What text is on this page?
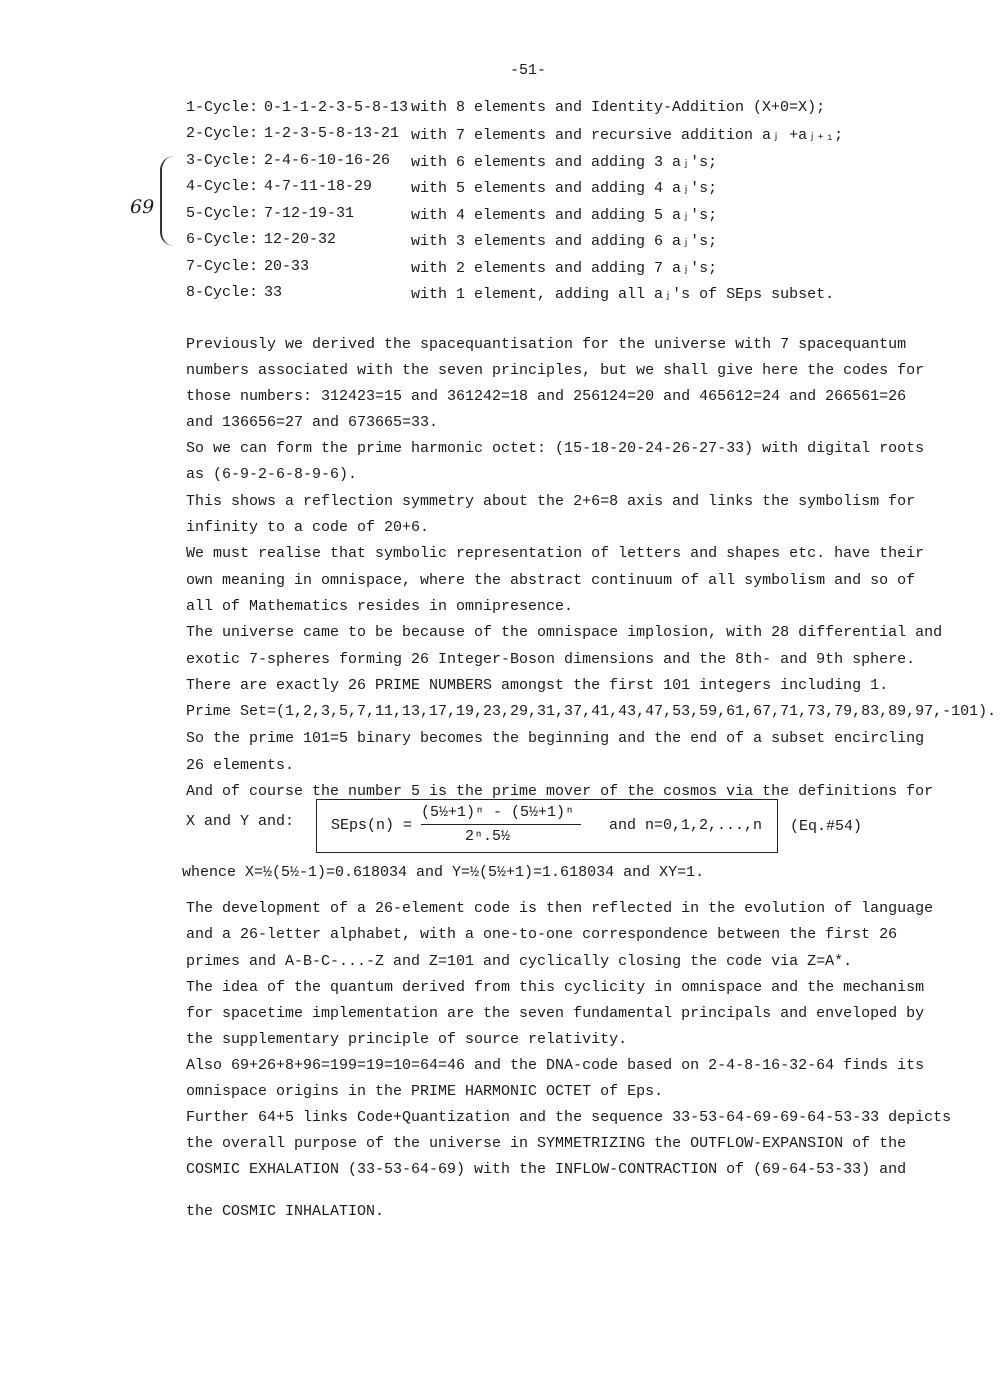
-51-
69
1-Cycle: 0-1-1-2-3-5-8-13 with 8 elements and Identity-Addition (X+0=X);
2-Cycle: 1-2-3-5-8-13-21 with 7 elements and recursive addition aⱼ +aⱼ₊₁;
3-Cycle: 2-4-6-10-16-26 with 6 elements and adding 3 aⱼ's;
4-Cycle: 4-7-11-18-29	with 5 elements and adding 4 aⱼ's;
5-Cycle: 7-12-19-31	with 4 elements and adding 5 aⱼ's;
6-Cycle: 12-20-32	with 3 elements and adding 6 aⱼ's;
7-Cycle: 20-33	with 2 elements and adding 7 aⱼ's;
8-Cycle: 33	with 1 element, adding all aⱼ's of SEps subset.
Previously we derived the spacequantisation for the universe with 7 spacequantum
numbers associated with the seven principles, but we shall give here the codes for
those numbers: 312423=15 and 361242=18 and 256124=20 and 465612=24 and 266561=26
and 136656=27 and 673665=33.
So we can form the prime harmonic octet: (15-18-20-24-26-27-33) with digital roots
as (6-9-2-6-8-9-6).
This shows a reflection symmetry about the 2+6=8 axis and links the symbolism for
infinity to a code of 20+6.
We must realise that symbolic representation of letters and shapes etc. have their
own meaning in omnispace, where the abstract continuum of all symbolism and so of
all of Mathematics resides in omnipresence.
The universe came to be because of the omnispace implosion, with 28 differential and
exotic 7-spheres forming 26 Integer-Boson dimensions and the 8th- and 9th sphere.
There are exactly 26 PRIME NUMBERS amongst the first 101 integers including 1.
Prime Set=(1,2,3,5,7,11,13,17,19,23,29,31,37,41,43,47,53,59,61,67,71,73,79,83,89,97,-101).
So the prime 101=5 binary becomes the beginning and the end of a subset encircling
26 elements.
And of course the number 5 is the prime mover of the cosmos via the definitions for
X and Y and: SEps(n) =
(5½+1)ⁿ - (5½+1)ⁿ
2ⁿ.5½
and n=0,1,2,...,n (Eq.#54)
whence X=½(5½-1)=0.618034 and Y=½(5½+1)=1.618034 and XY=1.
The development of a 26-element code is then reflected in the evolution of language
and a 26-letter alphabet, with a one-to-one correspondence between the first 26
primes and A-B-C-...-Z and Z=101 and cyclically closing the code via Z=A*.
The idea of the quantum derived from this cyclicity in omnispace and the mechanism
for spacetime implementation are the seven fundamental principals and enveloped by
the supplementary principle of source relativity.
Also 69+26+8+96=199=19=10=64=46 and the DNA-code based on 2-4-8-16-32-64 finds its
omnispace origins in the PRIME HARMONIC OCTET of Eps.
Further 64+5 links Code+Quantization and the sequence 33-53-64-69-69-64-53-33 depicts
the overall purpose of the universe in SYMMETRIZING the OUTFLOW-EXPANSION of the
COSMIC EXHALATION (33-53-64-69) with the INFLOW-CONTRACTION of (69-64-53-33) and
the COSMIC INHALATION.
